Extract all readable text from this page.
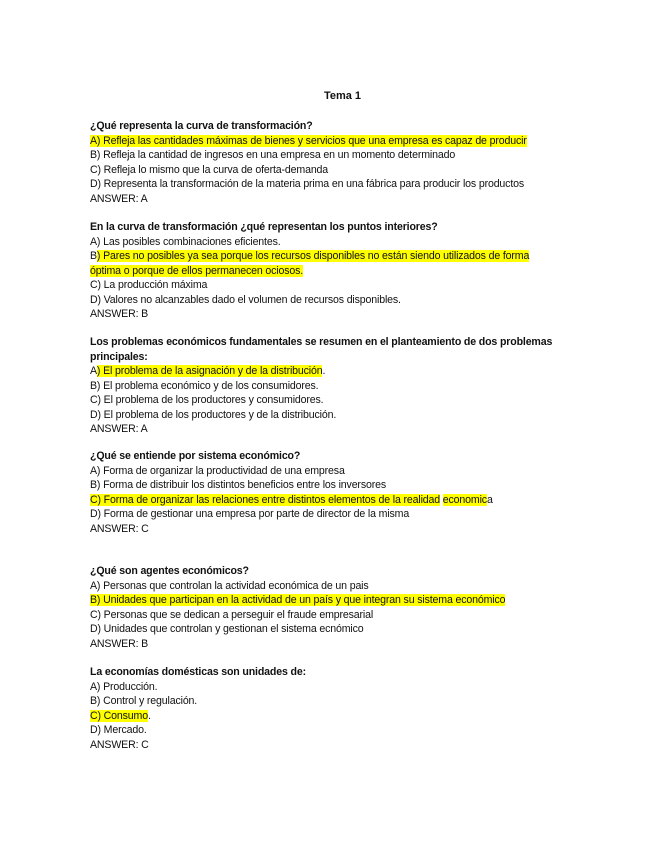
Tema 1
¿Qué representa la curva de transformación?
A) Refleja las cantidades máximas de bienes y servicios que una empresa es capaz de producir
B) Refleja la cantidad de ingresos en una empresa en un momento determinado
C) Refleja lo mismo que la curva de oferta-demanda
D) Representa la transformación de la materia prima en una fábrica para producir los productos
ANSWER: A
En la curva de transformación ¿qué representan los puntos interiores?
A) Las posibles combinaciones eficientes.
B) Pares no posibles ya sea porque los recursos disponibles no están siendo utilizados de forma
óptima o porque de ellos permanecen ociosos.
C) La producción máxima
D) Valores no alcanzables dado el volumen de recursos disponibles.
ANSWER: B
Los problemas económicos fundamentales se resumen en el planteamiento de dos problemas
principales:
A) El problema de la asignación y de la distribución.
B) El problema económico y de los consumidores.
C) El problema de los productores y consumidores.
D) El problema de los productores y de la distribución.
ANSWER: A
¿Qué se entiende por sistema económico?
A) Forma de organizar la productividad de una empresa
B) Forma de distribuir los distintos beneficios entre los inversores
C) Forma de organizar las relaciones entre distintos elementos de la realidad economica
D) Forma de gestionar una empresa por parte de director de la misma
ANSWER: C
¿Qué son agentes económicos?
A) Personas que controlan la actividad económica de un pais
B) Unidades que participan en la actividad de un país y que integran su sistema económico
C) Personas que se dedican a perseguir el fraude empresarial
D) Unidades que controlan y gestionan el sistema ecnómico
ANSWER: B
La economías domésticas son unidades de:
A) Producción.
B) Control y regulación.
C) Consumo.
D) Mercado.
ANSWER: C
